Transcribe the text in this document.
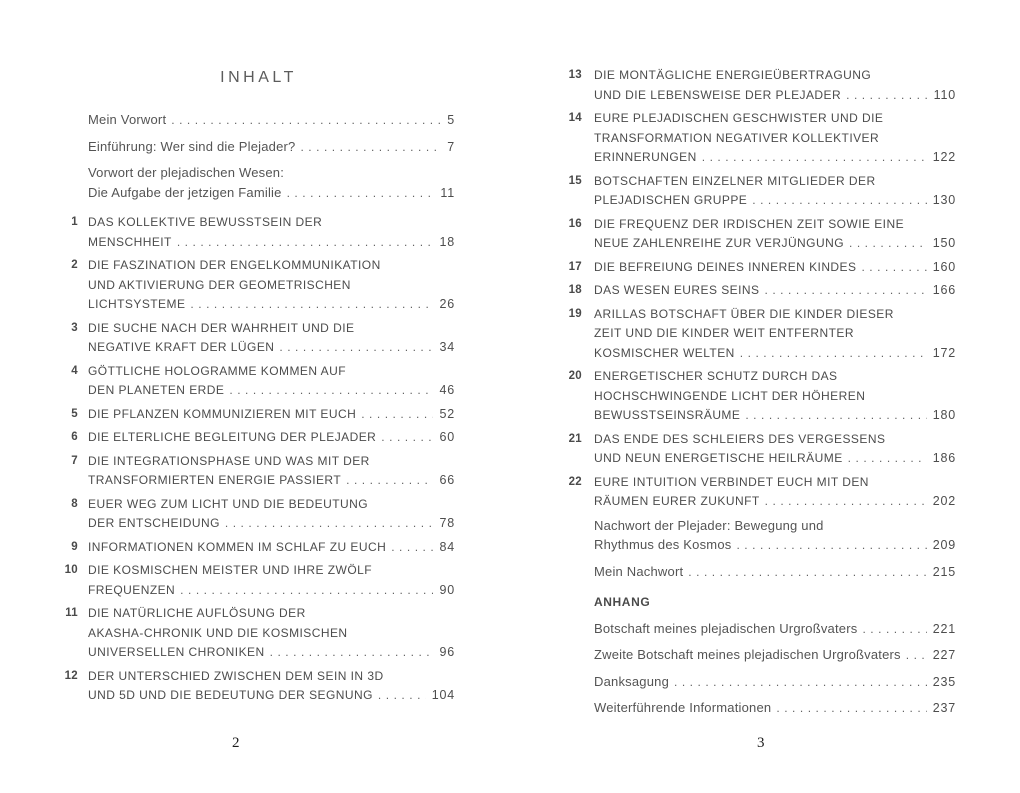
INHALT
Mein Vorwort .....	5
Einführung: Wer sind die Plejader? .....	7
Vorwort der plejadischen Wesen:
Die Aufgabe der jetzigen Familie .....	11
1 DAS KOLLEKTIVE BEWUSSTSEIN DER
MENSCHHEIT .....	18
2 DIE FASZINATION DER ENGELKOMMUNIKATION
UND AKTIVIERUNG DER GEOMETRISCHEN
LICHTSYSTEME .....	26
3 DIE SUCHE NACH DER WAHRHEIT UND DIE
NEGATIVE KRAFT DER LÜGEN .....	34
4 GÖTTLICHE HOLOGRAMME KOMMEN AUF
DEN PLANETEN ERDE .....	46
5 DIE PFLANZEN KOMMUNIZIEREN MIT EUCH .....	52
6 DIE ELTERLICHE BEGLEITUNG DER PLEJADER .....	60
7 DIE INTEGRATIONSPHASE UND WAS MIT DER
TRANSFORMIERTEN ENERGIE PASSIERT .....	66
8 EUER WEG ZUM LICHT UND DIE BEDEUTUNG
DER ENTSCHEIDUNG .....	78
9 INFORMATIONEN KOMMEN IM SCHLAF ZU EUCH .....	84
10 DIE KOSMISCHEN MEISTER UND IHRE ZWÖLF
FREQUENZEN .....	90
11 DIE NATÜRLICHE AUFLÖSUNG DER
AKASHA-CHRONIK UND DIE KOSMISCHEN
UNIVERSELLEN CHRONIKEN .....	96
12 DER UNTERSCHIED ZWISCHEN DEM SEIN IN 3D
UND 5D UND DIE BEDEUTUNG DER SEGNUNG .....	104
2
13 DIE MONTÄGLICHE ENERGIEÜBERTRAGUNG
UND DIE LEBENSWEISE DER PLEJADER .....	110
14 EURE PLEJADISCHEN GESCHWISTER UND DIE
TRANSFORMATION NEGATIVER KOLLEKTIVER
ERINNERUNGEN .....	122
15 BOTSCHAFTEN EINZELNER MITGLIEDER DER
PLEJADISCHEN GRUPPE .....	130
16 DIE FREQUENZ DER IRDISCHEN ZEIT SOWIE EINE
NEUE ZAHLENREIHE ZUR VERJÜNGUNG .....	150
17 DIE BEFREIUNG DEINES INNEREN KINDES .....	160
18 DAS WESEN EURES SEINS .....	166
19 ARILLAS BOTSCHAFT ÜBER DIE KINDER DIESER
ZEIT UND DIE KINDER WEIT ENTFERNTER
KOSMISCHER WELTEN .....	172
20 ENERGETISCHER SCHUTZ DURCH DAS
HOCHSCHWINGENDE LICHT DER HÖHEREN
BEWUSSTSEINSRÄUME .....	180
21 DAS ENDE DES SCHLEIERS DES VERGESSENS
UND NEUN ENERGETISCHE HEILRÄUME .....	186
22 EURE INTUITION VERBINDET EUCH MIT DEN
RÄUMEN EURER ZUKUNFT .....	202
Nachwort der Plejader: Bewegung und
Rhythmus des Kosmos .....	209
Mein Nachwort .....	215
ANHANG
Botschaft meines plejadischen Urgroßvaters .....	221
Zweite Botschaft meines plejadischen Urgroßvaters .....	227
Danksagung .....	235
Weiterführende Informationen .....	237
3
